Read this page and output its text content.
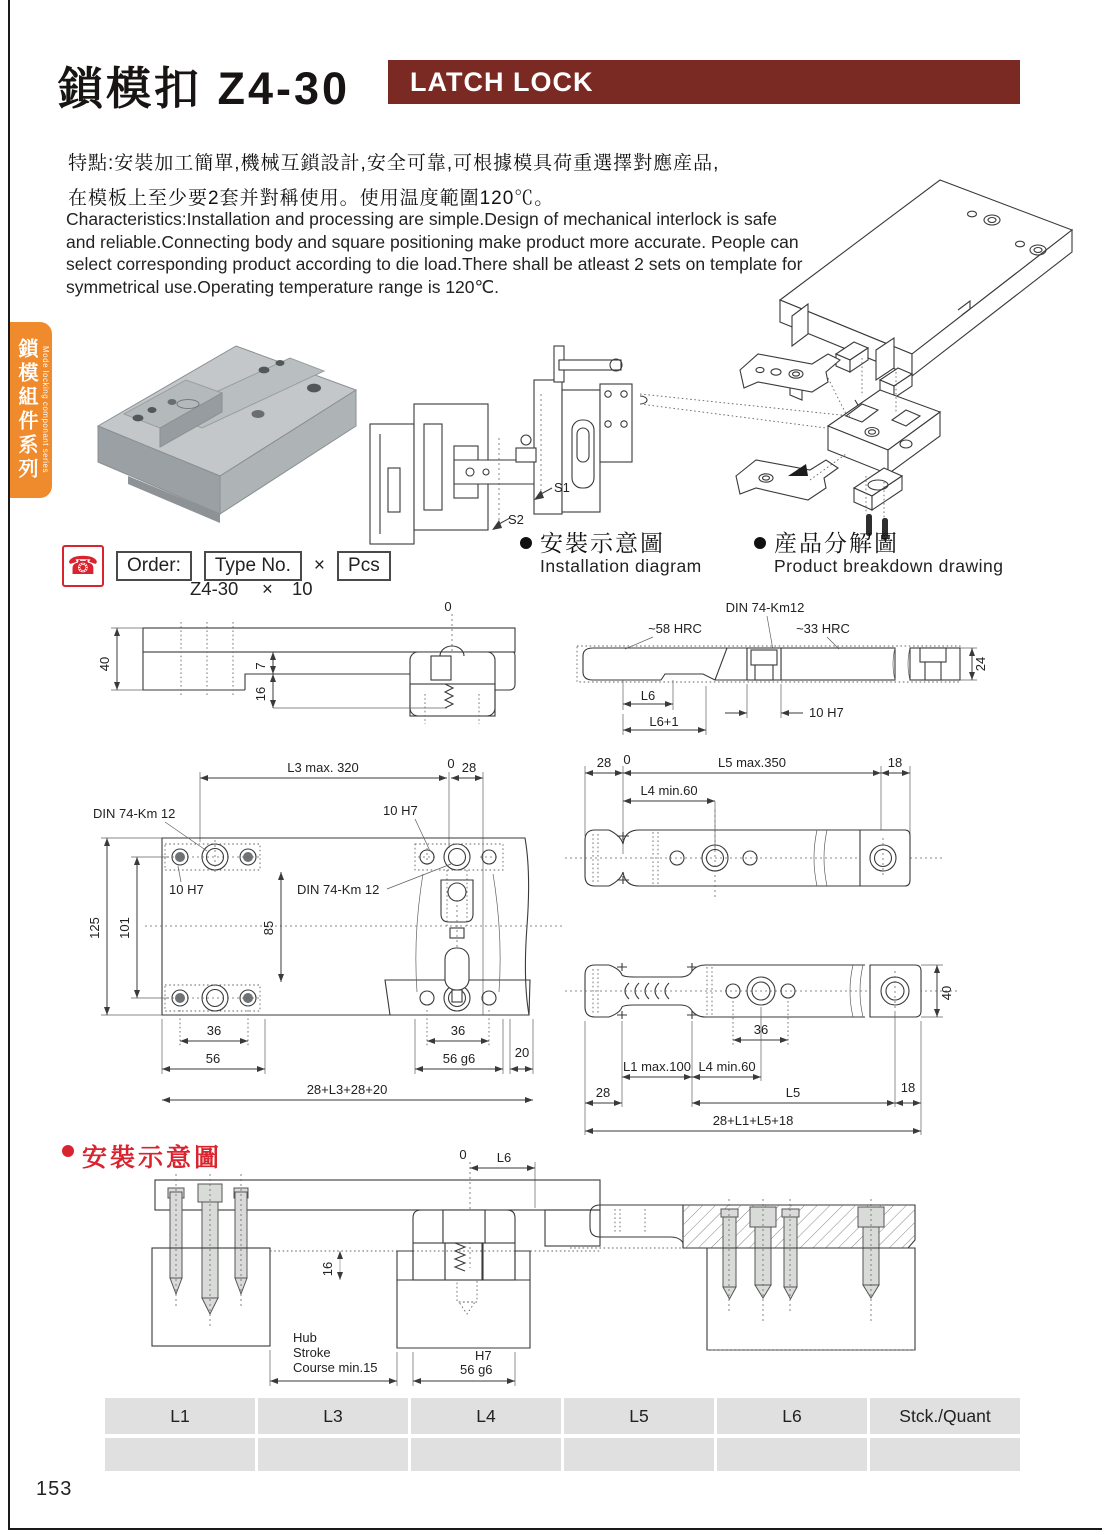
鎖模扣 Z4-30	LATCH LOCK
特點:安裝加工簡單,機械互鎖設計,安全可靠,可根據模具荷重選擇對應産品,
在模板上至少要2套并對稱使用。使用温度範圍120℃。
Characteristics:Installation and processing are simple.Design of mechanical interlock is safe and reliable.Connecting body and square positioning make product more accurate. People can select corresponding product according to die load.There shall be atleast 2 sets on template for symmetrical use.Operating temperature range is 120℃.
鎖模組件系列 Mode locking componant series
S1
S2
安裝示意圖
Installation diagram
産品分解圖
Product breakdown drawing
☎	Order:	Type No.	×	Pcs
Z4-30 × 10
0
40	7
16
DIN 74-Km12
~58 HRC	~33 HRC
L6
L6+1
10 H7
24
L3 max. 320	0 28
DIN 74-Km 12
10 H7
10 H7
DIN 74-Km 12
125 101	85
36
56
36
56 g6	20
28+L3+28+20
28 0	L5 max.350	18
L4 min.60
40
36
L1 max.100 L4 min.60
28	L5	18
28+L1+L5+18
安裝示意圖	0 L6
16
Hub
Stroke
Course min.15
H7
56 g6
L1	L3	L4	L5	L6	Stck./Quant
153
